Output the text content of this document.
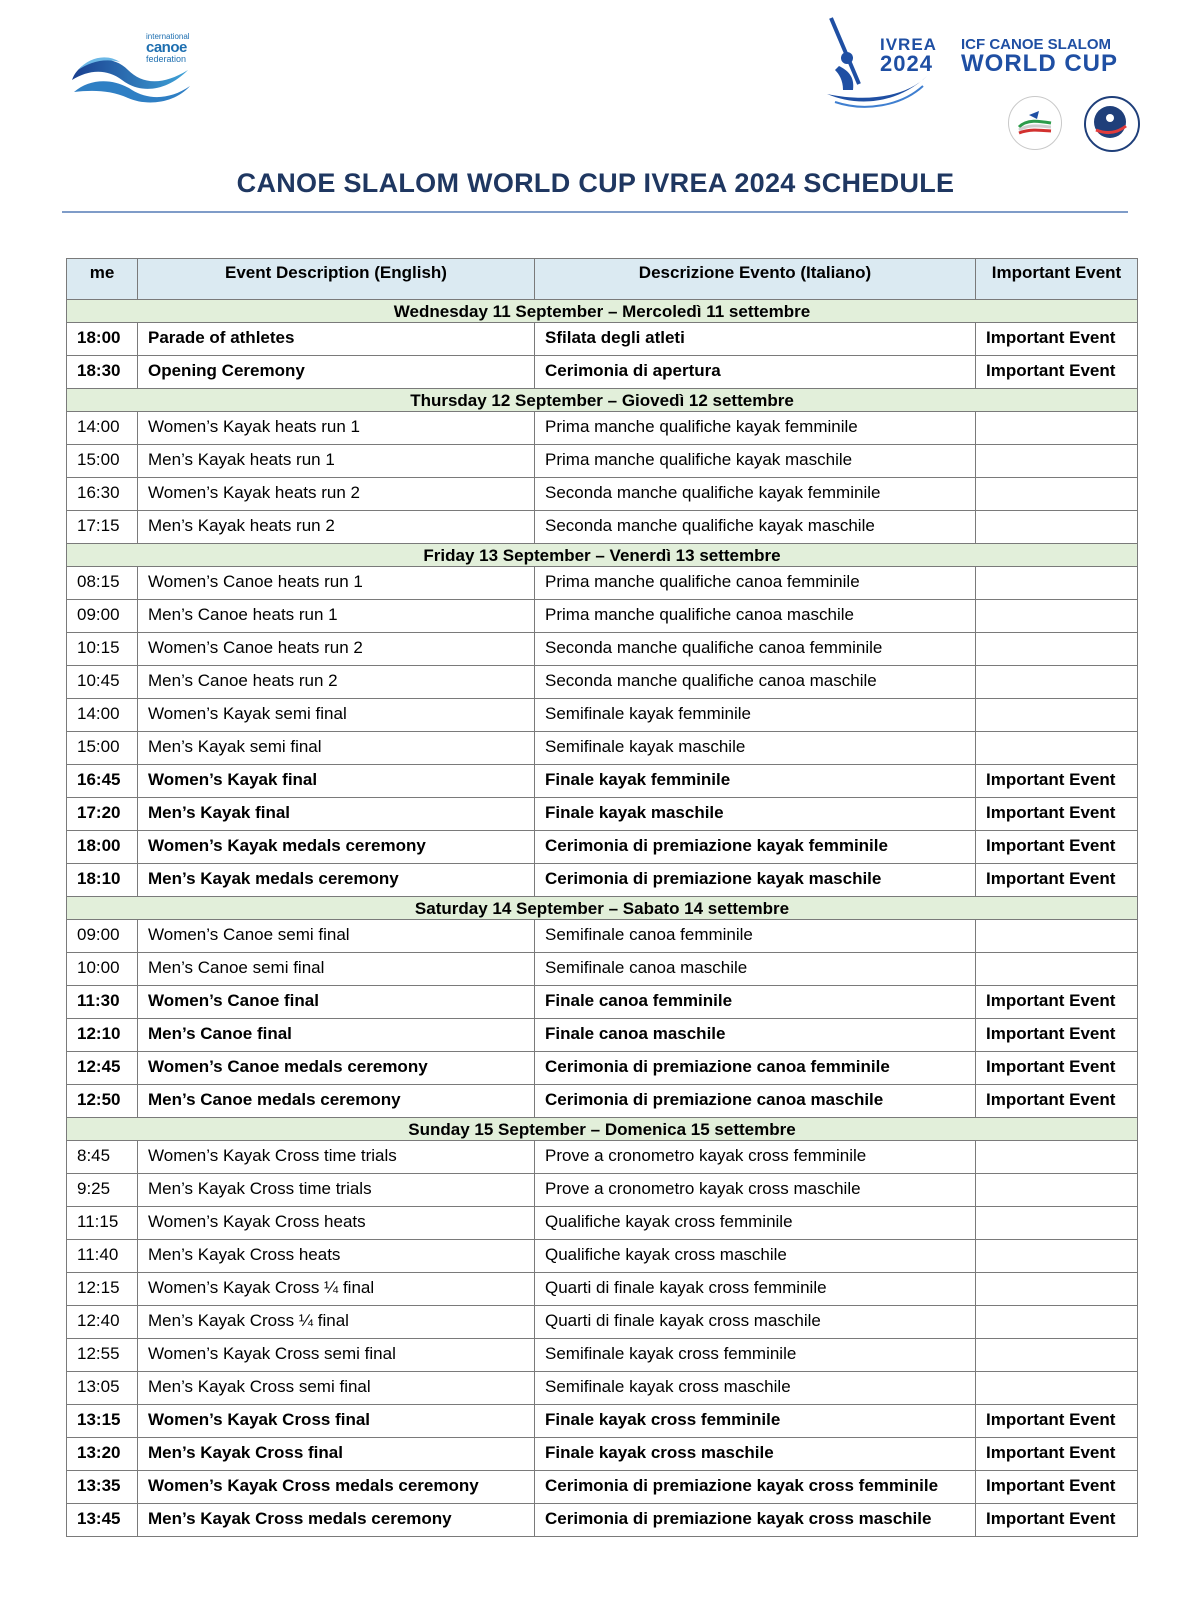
international
canoe
federation
IVREA
2024
ICF CANOE SLALOM
WORLD CUP
CANOE SLALOM WORLD CUP IVREA 2024 SCHEDULE
me	Event Description (English)	Descrizione Evento (Italiano)	Important Event
Wednesday 11 September – Mercoledì 11 settembre			
18:00	Parade of athletes	Sfilata degli atleti	Important Event
18:30	Opening Ceremony	Cerimonia di apertura	Important Event
Thursday 12 September – Giovedì 12 settembre			
14:00	Women’s Kayak heats run 1	Prima manche qualifiche kayak femminile	
15:00	Men’s Kayak heats run 1	Prima manche qualifiche kayak maschile	
16:30	Women’s Kayak heats run 2	Seconda manche qualifiche kayak femminile	
17:15	Men’s Kayak heats run 2	Seconda manche qualifiche kayak maschile	
Friday 13 September – Venerdì 13 settembre			
08:15	Women’s Canoe heats run 1	Prima manche qualifiche canoa femminile	
09:00	Men’s Canoe heats run 1	Prima manche qualifiche canoa maschile	
10:15	Women’s Canoe heats run 2	Seconda manche qualifiche canoa femminile	
10:45	Men’s Canoe heats run 2	Seconda manche qualifiche canoa maschile	
14:00	Women’s Kayak semi final	Semifinale kayak femminile	
15:00	Men’s Kayak semi final	Semifinale kayak maschile	
16:45	Women’s Kayak final	Finale kayak femminile	Important Event
17:20	Men’s Kayak final	Finale kayak maschile	Important Event
18:00	Women’s Kayak medals ceremony	Cerimonia di premiazione kayak femminile	Important Event
18:10	Men’s Kayak medals ceremony	Cerimonia di premiazione kayak maschile	Important Event
Saturday 14 September – Sabato 14 settembre			
09:00	Women’s Canoe semi final	Semifinale canoa femminile	
10:00	Men’s Canoe semi final	Semifinale canoa maschile	
11:30	Women’s Canoe final	Finale canoa femminile	Important Event
12:10	Men’s Canoe final	Finale canoa maschile	Important Event
12:45	Women’s Canoe medals ceremony	Cerimonia di premiazione canoa femminile	Important Event
12:50	Men’s Canoe medals ceremony	Cerimonia di premiazione canoa maschile	Important Event
Sunday 15 September – Domenica 15 settembre			
8:45	Women’s Kayak Cross time trials	Prove a cronometro kayak cross femminile	
9:25	Men’s Kayak Cross time trials	Prove a cronometro kayak cross maschile	
11:15	Women’s Kayak Cross heats	Qualifiche kayak cross femminile	
11:40	Men’s Kayak Cross heats	Qualifiche kayak cross maschile	
12:15	Women’s Kayak Cross ¼ final	Quarti di finale kayak cross femminile	
12:40	Men’s Kayak Cross ¼ final	Quarti di finale kayak cross maschile	
12:55	Women’s Kayak Cross semi final	Semifinale kayak cross femminile	
13:05	Men’s Kayak Cross semi final	Semifinale kayak cross maschile	
13:15	Women’s Kayak Cross final	Finale kayak cross femminile	Important Event
13:20	Men’s Kayak Cross final	Finale kayak cross maschile	Important Event
13:35	Women’s Kayak Cross medals ceremony	Cerimonia di premiazione kayak cross femminile	Important Event
13:45	Men’s Kayak Cross medals ceremony	Cerimonia di premiazione kayak cross maschile	Important Event
